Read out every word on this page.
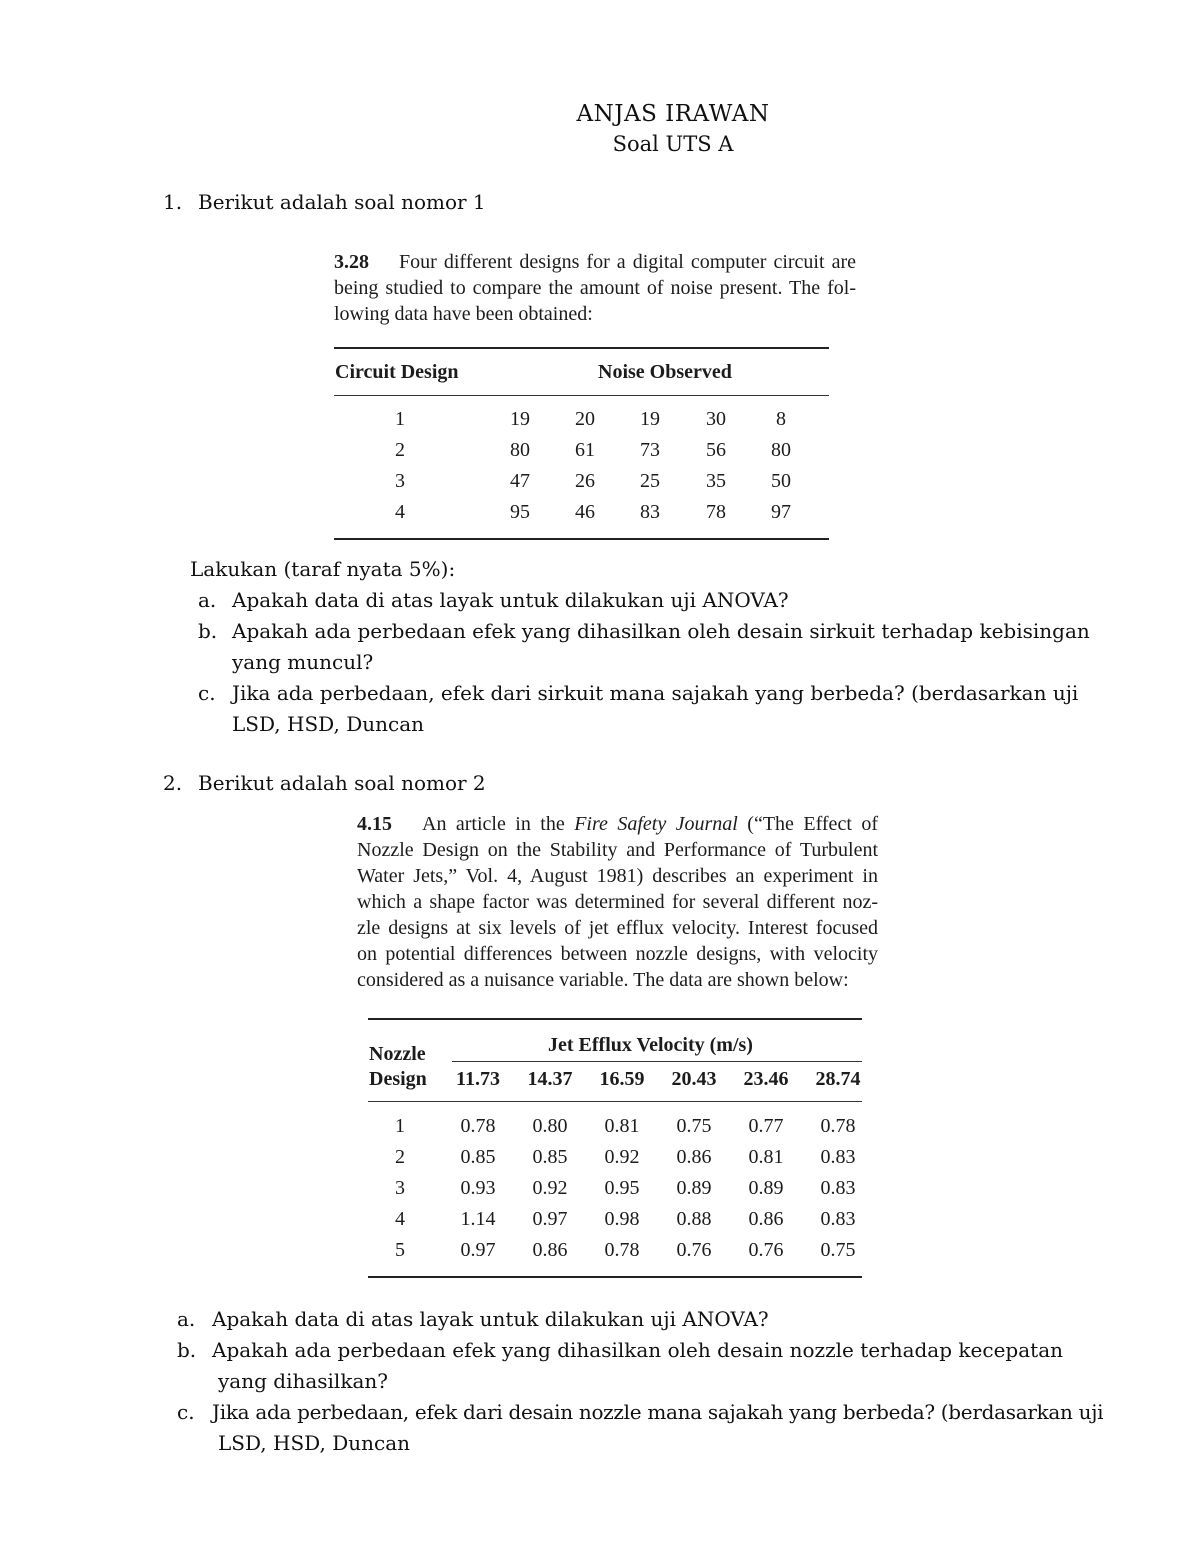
ANJAS IRAWAN
Soal UTS A
1. Berikut adalah soal nomor 1
3.28 Four different designs for a digital computer circuit are
being studied to compare the amount of noise present. The fol-
lowing data have been obtained:
Circuit Design	Noise Observed
1	19	20	19	30	8
2	80	61	73	56	80
3	47	26	25	35	50
4	95	46	83	78	97
Lakukan (taraf nyata 5%):
a. Apakah data di atas layak untuk dilakukan uji ANOVA?
b. Apakah ada perbedaan efek yang dihasilkan oleh desain sirkuit terhadap kebisingan
yang muncul?
c. Jika ada perbedaan, efek dari sirkuit mana sajakah yang berbeda? (berdasarkan uji
LSD, HSD, Duncan
2. Berikut adalah soal nomor 2
4.15 An article in the Fire Safety Journal (“The Effect of
Nozzle Design on the Stability and Performance of Turbulent
Water Jets,” Vol. 4, August 1981) describes an experiment in
which a shape factor was determined for several different noz-
zle designs at six levels of jet efflux velocity. Interest focused
on potential differences between nozzle designs, with velocity
considered as a nuisance variable. The data are shown below:
Nozzle
Design
Jet Efflux Velocity (m/s)
11.73	14.37	16.59	20.43	23.46	28.74
1	0.78	0.80	0.81	0.75	0.77	0.78
2	0.85	0.85	0.92	0.86	0.81	0.83
3	0.93	0.92	0.95	0.89	0.89	0.83
4	1.14	0.97	0.98	0.88	0.86	0.83
5	0.97	0.86	0.78	0.76	0.76	0.75
a. Apakah data di atas layak untuk dilakukan uji ANOVA?
b. Apakah ada perbedaan efek yang dihasilkan oleh desain nozzle terhadap kecepatan
yang dihasilkan?
c. Jika ada perbedaan, efek dari desain nozzle mana sajakah yang berbeda? (berdasarkan uji
LSD, HSD, Duncan
